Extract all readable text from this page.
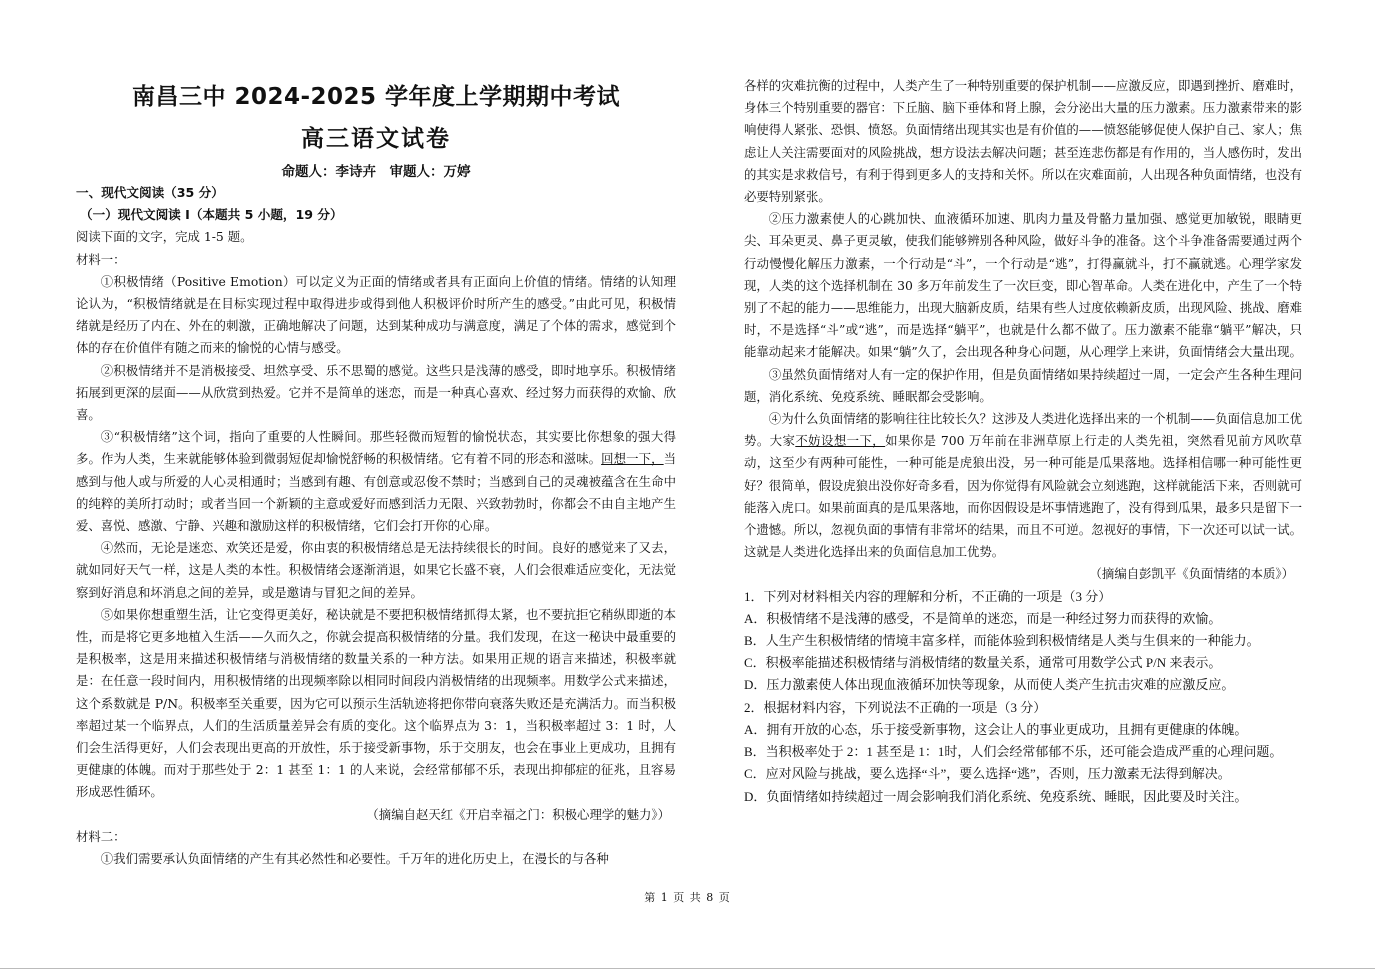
南昌三中 2024-2025 学年度上学期期中考试
高三语文试卷
命题人：李诗卉　审题人：万婷

一、现代文阅读（35 分）

（一）现代文阅读 I（本题共 5 小题，19 分）

阅读下面的文字，完成 1-5 题。

材料一：

①积极情绪（Positive Emotion）可以定义为正面的情绪或者具有正面向上价值的情绪。情绪的认知理论认为，“积极情绪就是在目标实现过程中取得进步或得到他人积极评价时所产生的感受。”由此可见，积极情绪就是经历了内在、外在的刺激，正确地解决了问题，达到某种成功与满意度，满足了个体的需求，感觉到个体的存在价值伴有随之而来的愉悦的心情与感受。

②积极情绪并不是消极接受、坦然享受、乐不思蜀的感觉。这些只是浅薄的感受，即时地享乐。积极情绪拓展到更深的层面——从欣赏到热爱。它并不是简单的迷恋，而是一种真心喜欢、经过努力而获得的欢愉、欣喜。

③“积极情绪”这个词，指向了重要的人性瞬间。那些轻微而短暂的愉悦状态，其实要比你想象的强大得多。作为人类，生来就能够体验到微弱短促却愉悦舒畅的积极情绪。它有着不同的形态和滋味。回想一下，当感到与他人或与所爱的人心灵相通时；当感到有趣、有创意或忍俊不禁时；当感到自己的灵魂被蕴含在生命中的纯粹的美所打动时；或者当回一个新颖的主意或爱好而感到活力无限、兴致勃勃时，你都会不由自主地产生爱、喜悦、感激、宁静、兴趣和激励这样的积极情绪，它们会打开你的心扉。

④然而，无论是迷恋、欢笑还是爱，你由衷的积极情绪总是无法持续很长的时间。良好的感觉来了又去，就如同好天气一样，这是人类的本性。积极情绪会逐渐消退，如果它长盛不衰，人们会很难适应变化，无法觉察到好消息和坏消息之间的差异，或是邀请与冒犯之间的差异。

⑤如果你想重塑生活，让它变得更美好，秘诀就是不要把积极情绪抓得太紧，也不要抗拒它稍纵即逝的本性，而是将它更多地植入生活——久而久之，你就会提高积极情绪的分量。我们发现，在这一秘诀中最重要的是积极率，这是用来描述积极情绪与消极情绪的数量关系的一种方法。如果用正规的语言来描述，积极率就是：在任意一段时间内，用积极情绪的出现频率除以相同时间段内消极情绪的出现频率。用数学公式来描述，这个系数就是 P/N。积极率至关重要，因为它可以预示生活轨迹将把你带向衰落失败还是充满活力。而当积极率超过某一个临界点，人们的生活质量差异会有质的变化。这个临界点为 3：1，当积极率超过 3：1 时，人们会生活得更好，人们会表现出更高的开放性，乐于接受新事物，乐于交朋友，也会在事业上更成功，且拥有更健康的体魄。而对于那些处于 2：1 甚至 1：1 的人来说，会经常郁郁不乐，表现出抑郁症的征兆，且容易形成恶性循环。

（摘编自赵天红《开启幸福之门：积极心理学的魅力》）

材料二：

①我们需要承认负面情绪的产生有其必然性和必要性。千万年的进化历史上，在漫长的与各种

各样的灾难抗衡的过程中，人类产生了一种特别重要的保护机制——应激反应，即遇到挫折、磨难时，身体三个特别重要的器官：下丘脑、脑下垂体和肾上腺，会分泌出大量的压力激素。压力激素带来的影响使得人紧张、恐惧、愤怒。负面情绪出现其实也是有价值的——愤怒能够促使人保护自己、家人；焦虑让人关注需要面对的风险挑战，想方设法去解决问题；甚至连悲伤都是有作用的，当人感伤时，发出的其实是求救信号，有利于得到更多人的支持和关怀。所以在灾难面前，人出现各种负面情绪，也没有必要特别紧张。

②压力激素使人的心跳加快、血液循环加速、肌肉力量及骨骼力量加强、感觉更加敏锐，眼睛更尖、耳朵更灵、鼻子更灵敏，使我们能够辨别各种风险，做好斗争的准备。这个斗争准备需要通过两个行动慢慢化解压力激素，一个行动是“斗”，一个行动是“逃”，打得赢就斗，打不赢就逃。心理学家发现，人类的这个选择机制在 30 多万年前发生了一次巨变，即心智革命。人类在进化中，产生了一个特别了不起的能力——思维能力，出现大脑新皮质，结果有些人过度依赖新皮质，出现风险、挑战、磨难时，不是选择“斗”或“逃”，而是选择“躺平”，也就是什么都不做了。压力激素不能靠“躺平”解决，只能靠动起来才能解决。如果“躺”久了，会出现各种身心问题，从心理学上来讲，负面情绪会大量出现。

③虽然负面情绪对人有一定的保护作用，但是负面情绪如果持续超过一周，一定会产生各种生理问题，消化系统、免疫系统、睡眠都会受影响。

④为什么负面情绪的影响往往比较长久？这涉及人类进化选择出来的一个机制——负面信息加工优势。大家不妨设想一下，如果你是 700 万年前在非洲草原上行走的人类先祖，突然看见前方风吹草动，这至少有两种可能性，一种可能是虎狼出没，另一种可能是瓜果落地。选择相信哪一种可能性更好？很简单，假设虎狼出没你好奇多看，因为你觉得有风险就会立刻逃跑，这样就能活下来，否则就可能落入虎口。如果前面真的是瓜果落地，而你因假设是坏事情逃跑了，没有得到瓜果，最多只是留下一个遗憾。所以，忽视负面的事情有非常坏的结果，而且不可逆。忽视好的事情，下一次还可以试一试。这就是人类进化选择出来的负面信息加工优势。

（摘编自彭凯平《负面情绪的本质》）

1．下列对材料相关内容的理解和分析，不正确的一项是（3 分）

A．积极情绪不是浅薄的感受，不是简单的迷恋，而是一种经过努力而获得的欢愉。

B．人生产生积极情绪的情境丰富多样，而能体验到积极情绪是人类与生俱来的一种能力。

C．积极率能描述积极情绪与消极情绪的数量关系，通常可用数学公式 P/N 来表示。

D．压力激素使人体出现血液循环加快等现象，从而使人类产生抗击灾难的应激反应。

2．根据材料内容，下列说法不正确的一项是（3 分）

A．拥有开放的心态，乐于接受新事物，这会让人的事业更成功，且拥有更健康的体魄。

B．当积极率处于 2：1 甚至是 1：1时，人们会经常郁郁不乐，还可能会造成严重的心理问题。

C．应对风险与挑战，要么选择“斗”，要么选择“逃”，否则，压力激素无法得到解决。

D．负面情绪如持续超过一周会影响我们消化系统、免疫系统、睡眠，因此要及时关注。

第 1 页 共 8 页
